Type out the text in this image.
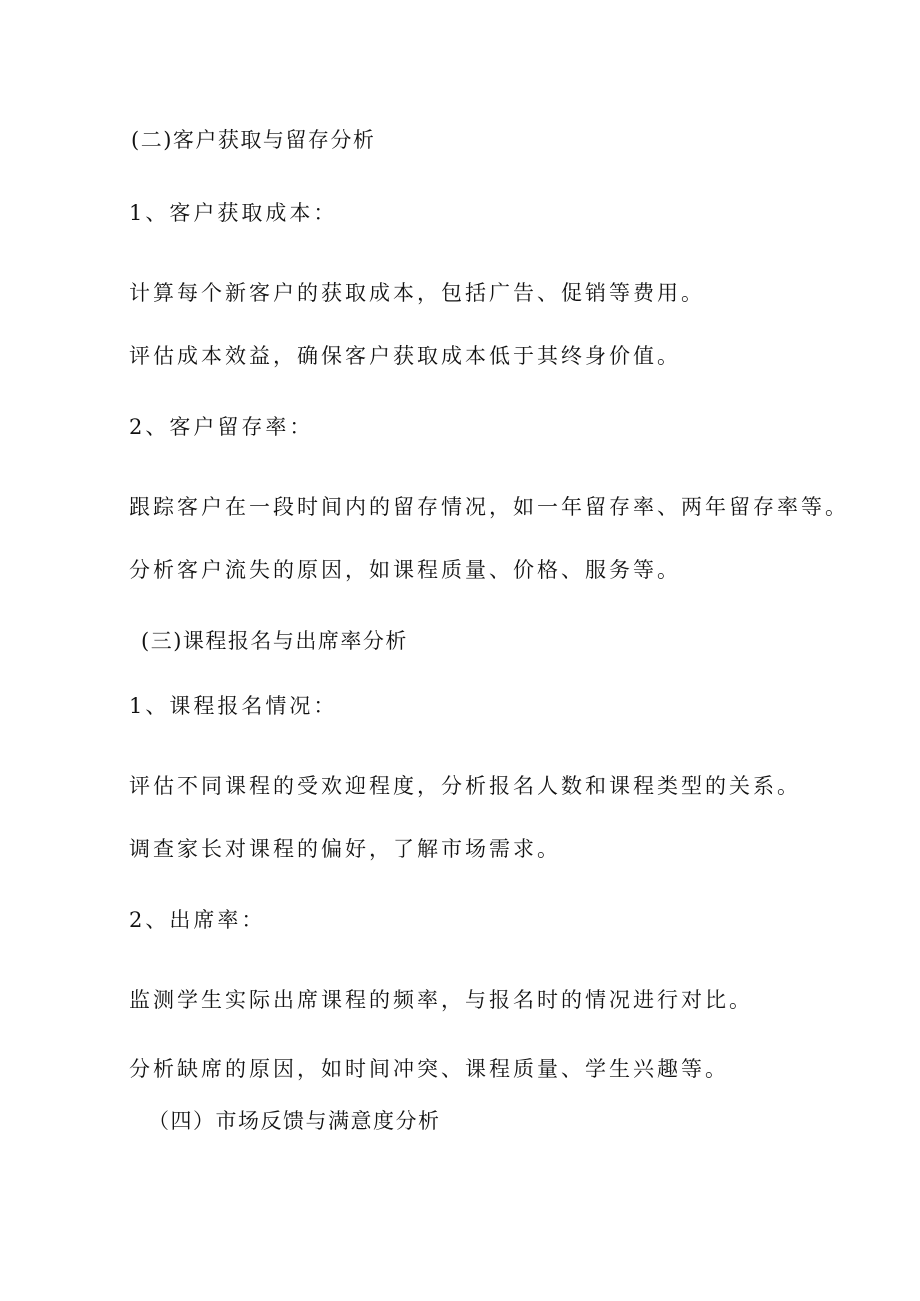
(二)客户获取与留存分析
1、客户获取成本：
计算每个新客户的获取成本，包括广告、促销等费用。
评估成本效益，确保客户获取成本低于其终身价值。
2、客户留存率：
跟踪客户在一段时间内的留存情况，如一年留存率、两年留存率等。
分析客户流失的原因，如课程质量、价格、服务等。
(三)课程报名与出席率分析
1、课程报名情况：
评估不同课程的受欢迎程度，分析报名人数和课程类型的关系。
调查家长对课程的偏好，了解市场需求。
2、出席率：
监测学生实际出席课程的频率，与报名时的情况进行对比。
分析缺席的原因，如时间冲突、课程质量、学生兴趣等。
（四）市场反馈与满意度分析
